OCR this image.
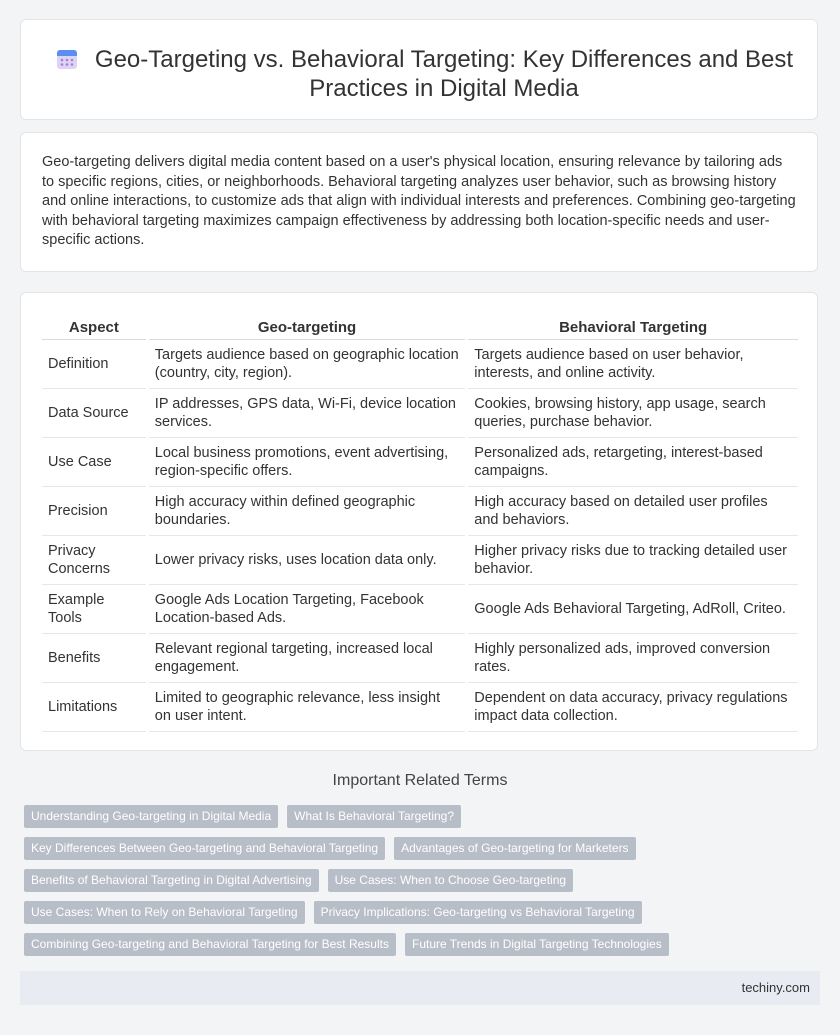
Geo-Targeting vs. Behavioral Targeting: Key Differences and Best Practices in Digital Media

Geo-targeting delivers digital media content based on a user's physical location, ensuring relevance by tailoring ads to specific regions, cities, or neighborhoods. Behavioral targeting analyzes user behavior, such as browsing history and online interactions, to customize ads that align with individual interests and preferences. Combining geo-targeting with behavioral targeting maximizes campaign effectiveness by addressing both location-specific needs and user-specific actions.

Aspect	Geo-targeting	Behavioral Targeting
Definition	Targets audience based on geographic location (country, city, region).	Targets audience based on user behavior, interests, and online activity.
Data Source	IP addresses, GPS data, Wi-Fi, device location services.	Cookies, browsing history, app usage, search queries, purchase behavior.
Use Case	Local business promotions, event advertising, region-specific offers.	Personalized ads, retargeting, interest-based campaigns.
Precision	High accuracy within defined geographic boundaries.	High accuracy based on detailed user profiles and behaviors.
Privacy Concerns	Lower privacy risks, uses location data only.	Higher privacy risks due to tracking detailed user behavior.
Example Tools	Google Ads Location Targeting, Facebook Location-based Ads.	Google Ads Behavioral Targeting, AdRoll, Criteo.
Benefits	Relevant regional targeting, increased local engagement.	Highly personalized ads, improved conversion rates.
Limitations	Limited to geographic relevance, less insight on user intent.	Dependent on data accuracy, privacy regulations impact data collection.
Important Related Terms
Understanding Geo-targeting in Digital Media	What Is Behavioral Targeting?
Key Differences Between Geo-targeting and Behavioral Targeting	Advantages of Geo-targeting for Marketers
Benefits of Behavioral Targeting in Digital Advertising	Use Cases: When to Choose Geo-targeting
Use Cases: When to Rely on Behavioral Targeting	Privacy Implications: Geo-targeting vs Behavioral Targeting
Combining Geo-targeting and Behavioral Targeting for Best Results	Future Trends in Digital Targeting Technologies
techiny.com
